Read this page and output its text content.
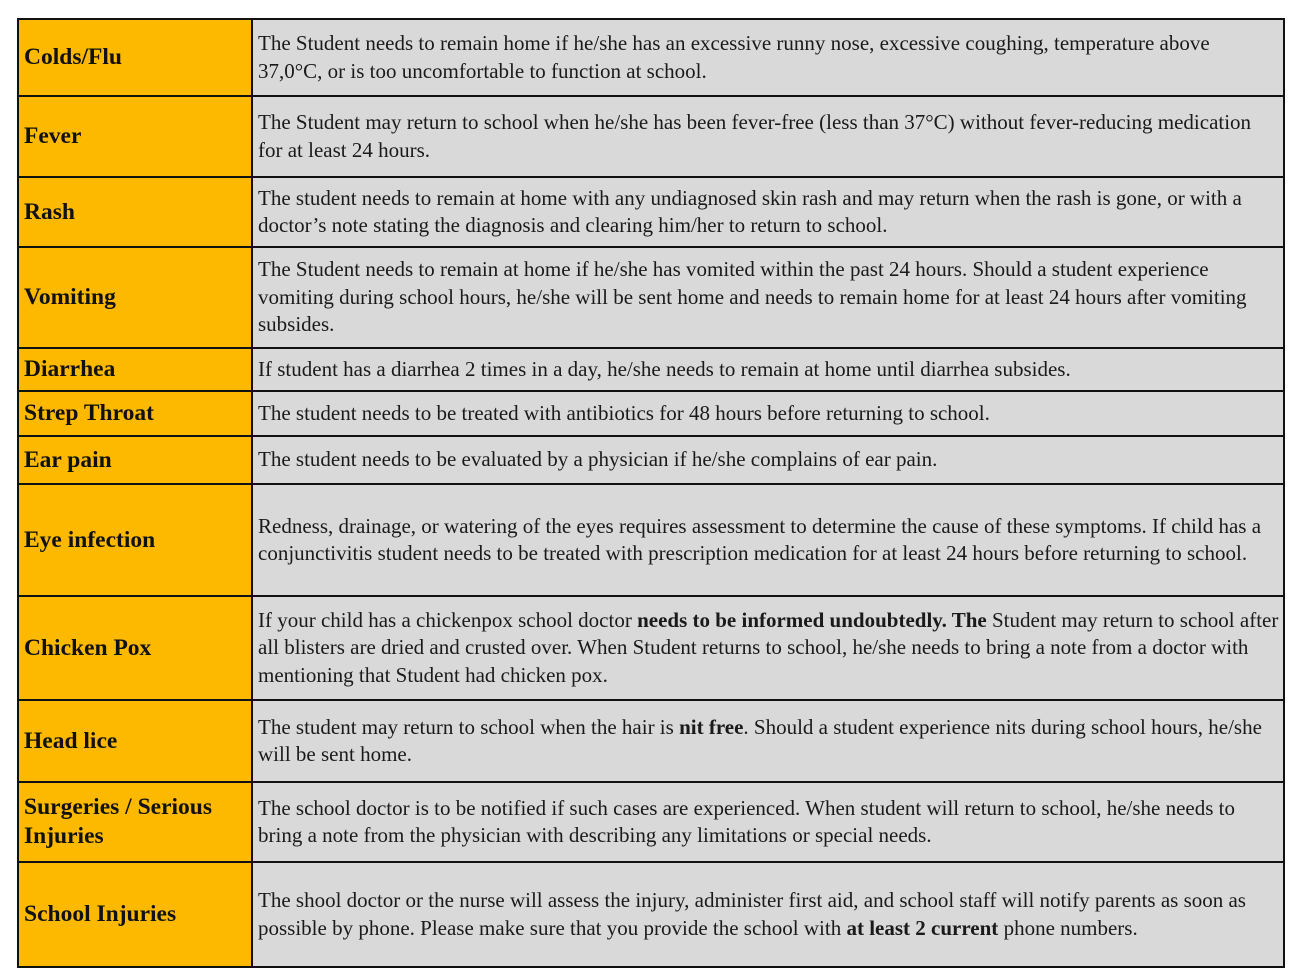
Colds/Flu	The Student needs to remain home if he/she has an excessive runny nose, excessive coughing, temperature above 37,0°C, or is too uncomfortable to function at school.
Fever	The Student may return to school when he/she has been fever-free (less than 37°C) without fever-reducing medication for at least 24 hours.
Rash	The student needs to remain at home with any undiagnosed skin rash and may return when the rash is gone, or with a doctor’s note stating the diagnosis and clearing him/her to return to school.
Vomiting	The Student needs to remain at home if he/she has vomited within the past 24 hours. Should a student experience vomiting during school hours, he/she will be sent home and needs to remain home for at least 24 hours after vomiting subsides.
Diarrhea	If student has a diarrhea 2 times in a day, he/she needs to remain at home until diarrhea subsides.
Strep Throat	The student needs to be treated with antibiotics for 48 hours before returning to school.
Ear pain	The student needs to be evaluated by a physician if he/she complains of ear pain.
Eye infection	Redness, drainage, or watering of the eyes requires assessment to determine the cause of these symptoms. If child has a conjunctivitis student needs to be treated with prescription medication for at least 24 hours before returning to school.
Chicken Pox	If your child has a chickenpox school doctor needs to be informed undoubtedly. The Student may return to school after all blisters are dried and crusted over. When Student returns to school, he/she needs to bring a note from a doctor with mentioning that Student had chicken pox.
Head lice	The student may return to school when the hair is nit free. Should a student experience nits during school hours, he/she will be sent home.
Surgeries / Serious Injuries	The school doctor is to be notified if such cases are experienced. When student will return to school, he/she needs to bring a note from the physician with describing any limitations or special needs.
School Injuries	The shool doctor or the nurse will assess the injury, administer first aid, and school staff will notify parents as soon as possible by phone. Please make sure that you provide the school with at least 2 current phone numbers.
